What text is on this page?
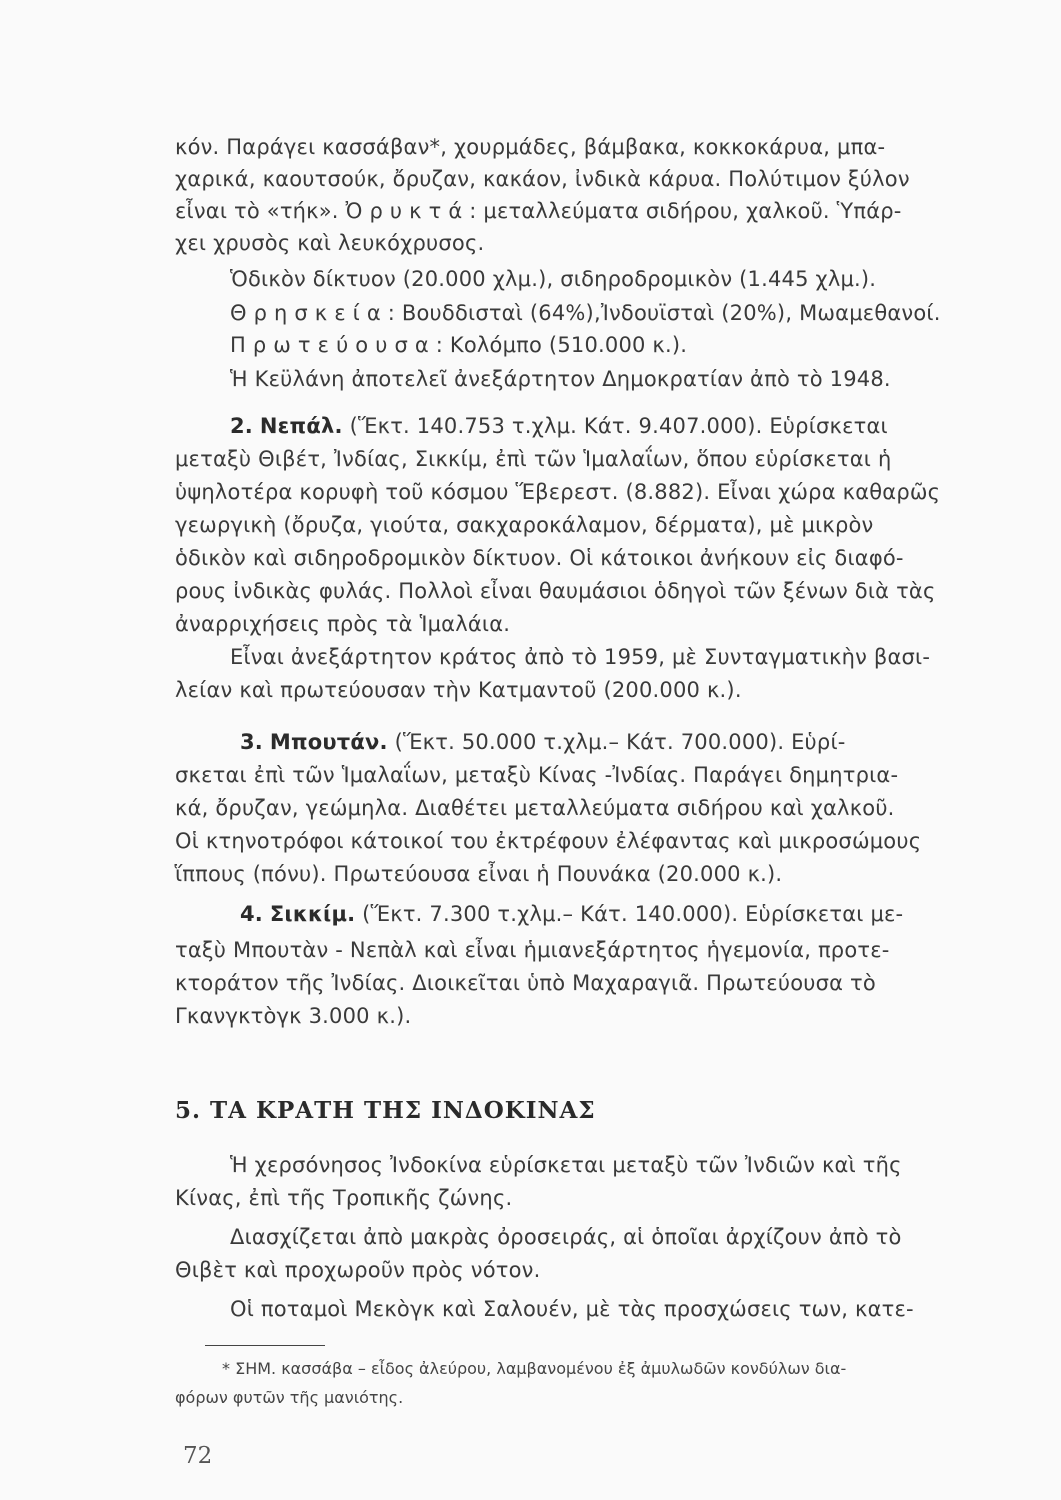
κόν. Παράγει κασσάβαν*, χουρμάδες, βάμβακα, κοκκοκάρυα, μπα-
χαρικά, καουτσούκ, ὄρυζαν, κακάον, ἰνδικὰ κάρυα. Πολύτιμον ξύλον
εἶναι τὸ «τήκ». Ὀ ρ υ κ τ ά : μεταλλεύματα σιδήρου, χαλκοῦ. Ὑπάρ-
χει χρυσὸς καὶ λευκόχρυσος.
Ὁδικὸν δίκτυον (20.000 χλμ.), σιδηροδρομικὸν (1.445 χλμ.).
Θ ρ η σ κ ε ί α : Βουδδισταὶ (64%),Ἰνδουϊσταὶ (20%), Μωαμεθανοί.
Π ρ ω τ ε ύ ο υ σ α : Κολόμπο (510.000 κ.).
Ἡ Κεϋλάνη ἀποτελεῖ ἀνεξάρτητον Δημοκρατίαν ἀπὸ τὸ 1948.
2. Νεπάλ. (Ἕκτ. 140.753 τ.χλμ. Κάτ. 9.407.000). Εὑρίσκεται
μεταξὺ Θιβέτ, Ἰνδίας, Σικκίμ, ἐπὶ τῶν Ἱμαλαΐων, ὅπου εὑρίσκεται ἡ
ὑψηλοτέρα κορυφὴ τοῦ κόσμου Ἕβερεστ. (8.882). Εἶναι χώρα καθαρῶς
γεωργικὴ (ὄρυζα, γιούτα, σακχαροκάλαμον, δέρματα), μὲ μικρὸν
ὁδικὸν καὶ σιδηροδρομικὸν δίκτυον. Οἱ κάτοικοι ἀνήκουν εἰς διαφό-
ρους ἰνδικὰς φυλάς. Πολλοὶ εἶναι θαυμάσιοι ὁδηγοὶ τῶν ξένων διὰ τὰς
ἀναρριχήσεις πρὸς τὰ Ἱμαλάια.
Εἶναι ἀνεξάρτητον κράτος ἀπὸ τὸ 1959, μὲ Συνταγματικὴν βασι-
λείαν καὶ πρωτεύουσαν τὴν Κατμαντοῦ (200.000 κ.).
3. Μπουτάν. (Ἕκτ. 50.000 τ.χλμ.– Κάτ. 700.000). Εὑρί-
σκεται ἐπὶ τῶν Ἱμαλαΐων, μεταξὺ Κίνας -Ἰνδίας. Παράγει δημητρια-
κά, ὄρυζαν, γεώμηλα. Διαθέτει μεταλλεύματα σιδήρου καὶ χαλκοῦ.
Οἱ κτηνοτρόφοι κάτοικοί του ἐκτρέφουν ἐλέφαντας καὶ μικροσώμους
ἵππους (πόνυ). Πρωτεύουσα εἶναι ἡ Πουνάκα (20.000 κ.).
4. Σικκίμ. (Ἕκτ. 7.300 τ.χλμ.– Κάτ. 140.000). Εὑρίσκεται με-
ταξὺ Μπουτὰν - Νεπὰλ καὶ εἶναι ἡμιανεξάρτητος ἡγεμονία, προτε-
κτοράτον τῆς Ἰνδίας. Διοικεῖται ὑπὸ Μαχαραγιᾶ. Πρωτεύουσα τὸ
Γκανγκτὸγκ 3.000 κ.).
5. ΤΑ ΚΡΑΤΗ ΤΗΣ ΙΝΔΟΚΙΝΑΣ
Ἡ χερσόνησος Ἰνδοκίνα εὑρίσκεται μεταξὺ τῶν Ἰνδιῶν καὶ τῆς
Κίνας, ἐπὶ τῆς Τροπικῆς ζώνης.
Διασχίζεται ἀπὸ μακρὰς ὀροσειράς, αἱ ὁποῖαι ἀρχίζουν ἀπὸ τὸ
Θιβὲτ καὶ προχωροῦν πρὸς νότον.
Οἱ ποταμοὶ Μεκὸγκ καὶ Σαλουέν, μὲ τὰς προσχώσεις των, κατε-
* ΣΗΜ. κασσάβα – εἶδος ἀλεύρου, λαμβανομένου ἐξ ἀμυλωδῶν κονδύλων δια-
φόρων φυτῶν τῆς μανιότης.
72
